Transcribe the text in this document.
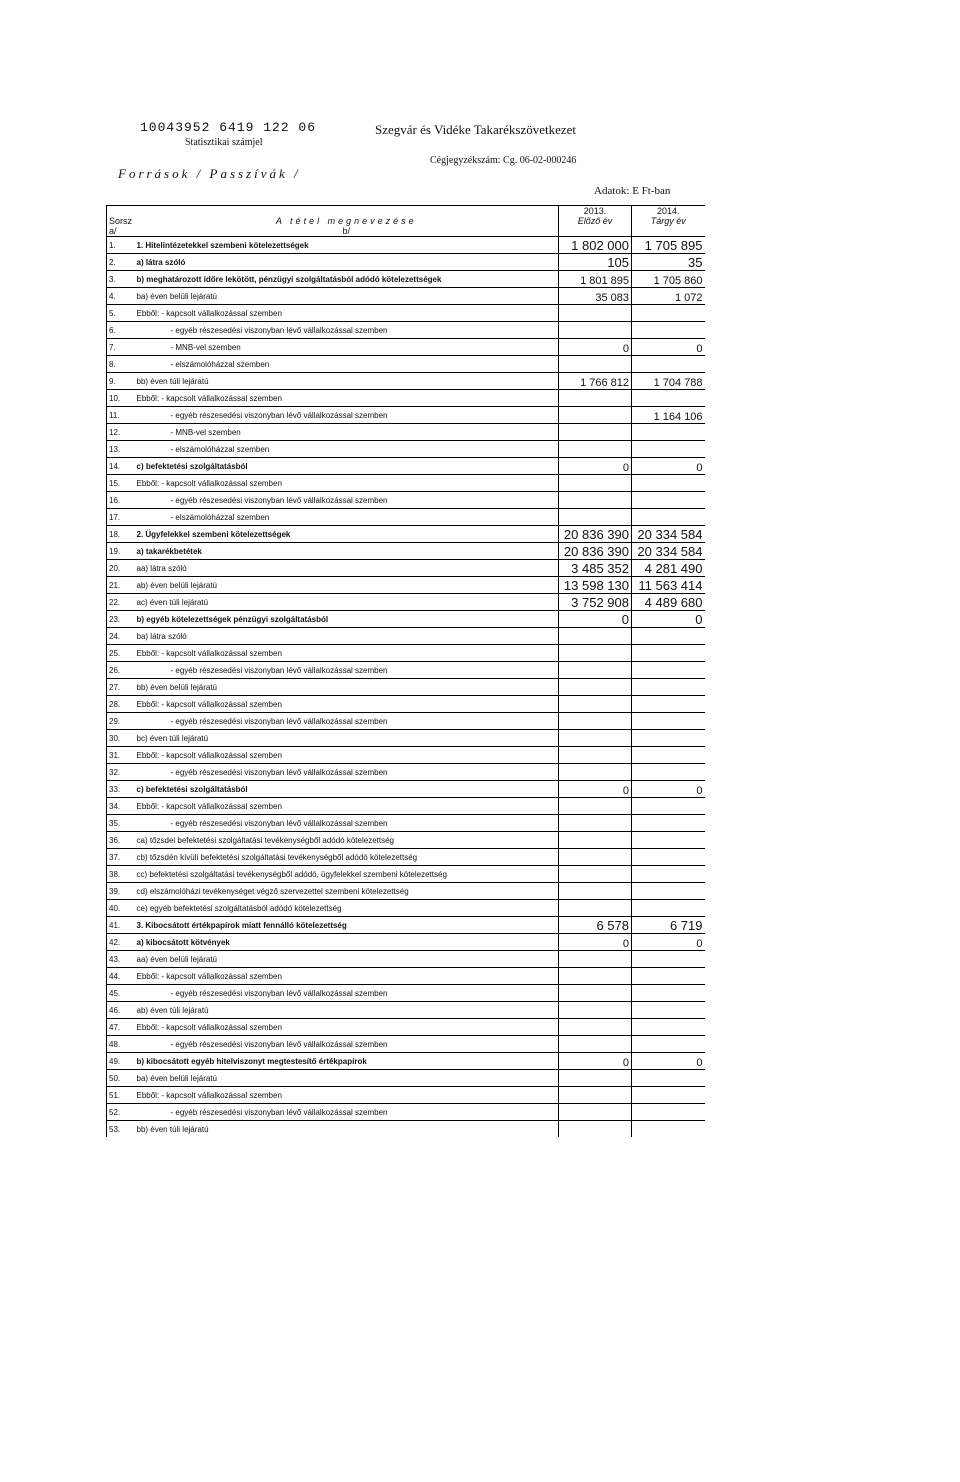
10043952 6419 122 06
Statisztikai számjel
Szegvár és Vidéke Takarékszövetkezet
Források / Passzívák /
Cégjegyzékszám: Cg. 06-02-000246
Adatok: E Ft-ban
		2013.	2014.
Sorsz	A tétel megnevezése	Előző év	Tárgy év
a/	b/		
1.	1. Hitelintézetekkel szembeni kötelezettségek	1 802 000	1 705 895
2.	a) látra szóló	105	35
3.	b) meghatározott időre lekötött, pénzügyi szolgáltatásból adódó kötelezettségek	1 801 895	1 705 860
4.	ba) éven belüli lejáratú	35 083	1 072
5.	Ebből: - kapcsolt vállalkozással szemben		
6.	- egyéb részesedési viszonyban lévő vállalkozással szemben		
7.	- MNB-vel szemben	0	0
8.	- elszámolóházzal szemben		
9.	bb) éven túli lejáratú	1 766 812	1 704 788
10.	Ebből: - kapcsolt vállalkozással szemben		
11.	- egyéb részesedési viszonyban lévő vállalkozással szemben		1 164 106
12.	- MNB-vel szemben		
13.	- elszámolóházzal szemben		
14.	c) befektetési szolgáltatásból	0	0
15.	Ebből: - kapcsolt vállalkozással szemben		
16.	- egyéb részesedési viszonyban lévő vállalkozással szemben		
17.	- elszámolóházzal szemben		
18.	2. Ügyfelekkel szembeni kötelezettségek	20 836 390	20 334 584
19.	a) takarékbetétek	20 836 390	20 334 584
20.	aa) látra szóló	3 485 352	4 281 490
21.	ab) éven belüli lejáratú	13 598 130	11 563 414
22.	ac) éven túli lejáratú	3 752 908	4 489 680
23.	b) egyéb kötelezettségek pénzügyi szolgáltatásból	0	0
24.	ba) látra szóló		
25.	Ebből: - kapcsolt vállalkozással szemben		
26.	- egyéb részesedési viszonyban lévő vállalkozással szemben		
27.	bb) éven belüli lejáratú		
28.	Ebből: - kapcsolt vállalkozással szemben		
29.	- egyéb részesedési viszonyban lévő vállalkozással szemben		
30.	bc) éven túli lejáratú		
31.	Ebből: - kapcsolt vállalkozással szemben		
32.	- egyéb részesedési viszonyban lévő vállalkozással szemben		
33.	c) befektetési szolgáltatásból	0	0
34.	Ebből: - kapcsolt vállalkozással szemben		
35.	- egyéb részesedési viszonyban lévő vállalkozással szemben		
36.	ca) tőzsdei befektetési szolgáltatási tevékenységből adódó kötelezettség		
37.	cb) tőzsdén kívüli befektetési szolgáltatási tevékenységből adódó kötelezettség		
38.	cc) befektetési szolgáltatási tevékenységből adódó, ügyfelekkel szembeni kötelezettség		
39.	cd) elszámolóházi tevékenységet végző szervezettel szembeni kötelezettség		
40.	ce) egyéb befektetési szolgáltatásból adódó kötelezettség		
41.	3. Kibocsátott értékpapírok miatt fennálló kötelezettség	6 578	6 719
42.	a) kibocsátott kötvények	0	0
43.	aa) éven belüli lejáratú		
44.	Ebből: - kapcsolt vállalkozással szemben		
45.	- egyéb részesedési viszonyban lévő vállalkozással szemben		
46.	ab) éven túli lejáratú		
47.	Ebből: - kapcsolt vállalkozással szemben		
48.	- egyéb részesedési viszonyban lévő vállalkozással szemben		
49.	b) kibocsátott egyéb hitelviszonyt megtestesítő értékpapírok	0	0
50.	ba) éven belüli lejáratú		
51.	Ebből: - kapcsolt vállalkozással szemben		
52.	- egyéb részesedési viszonyban lévő vállalkozással szemben		
53.	bb) éven túli lejáratú		
